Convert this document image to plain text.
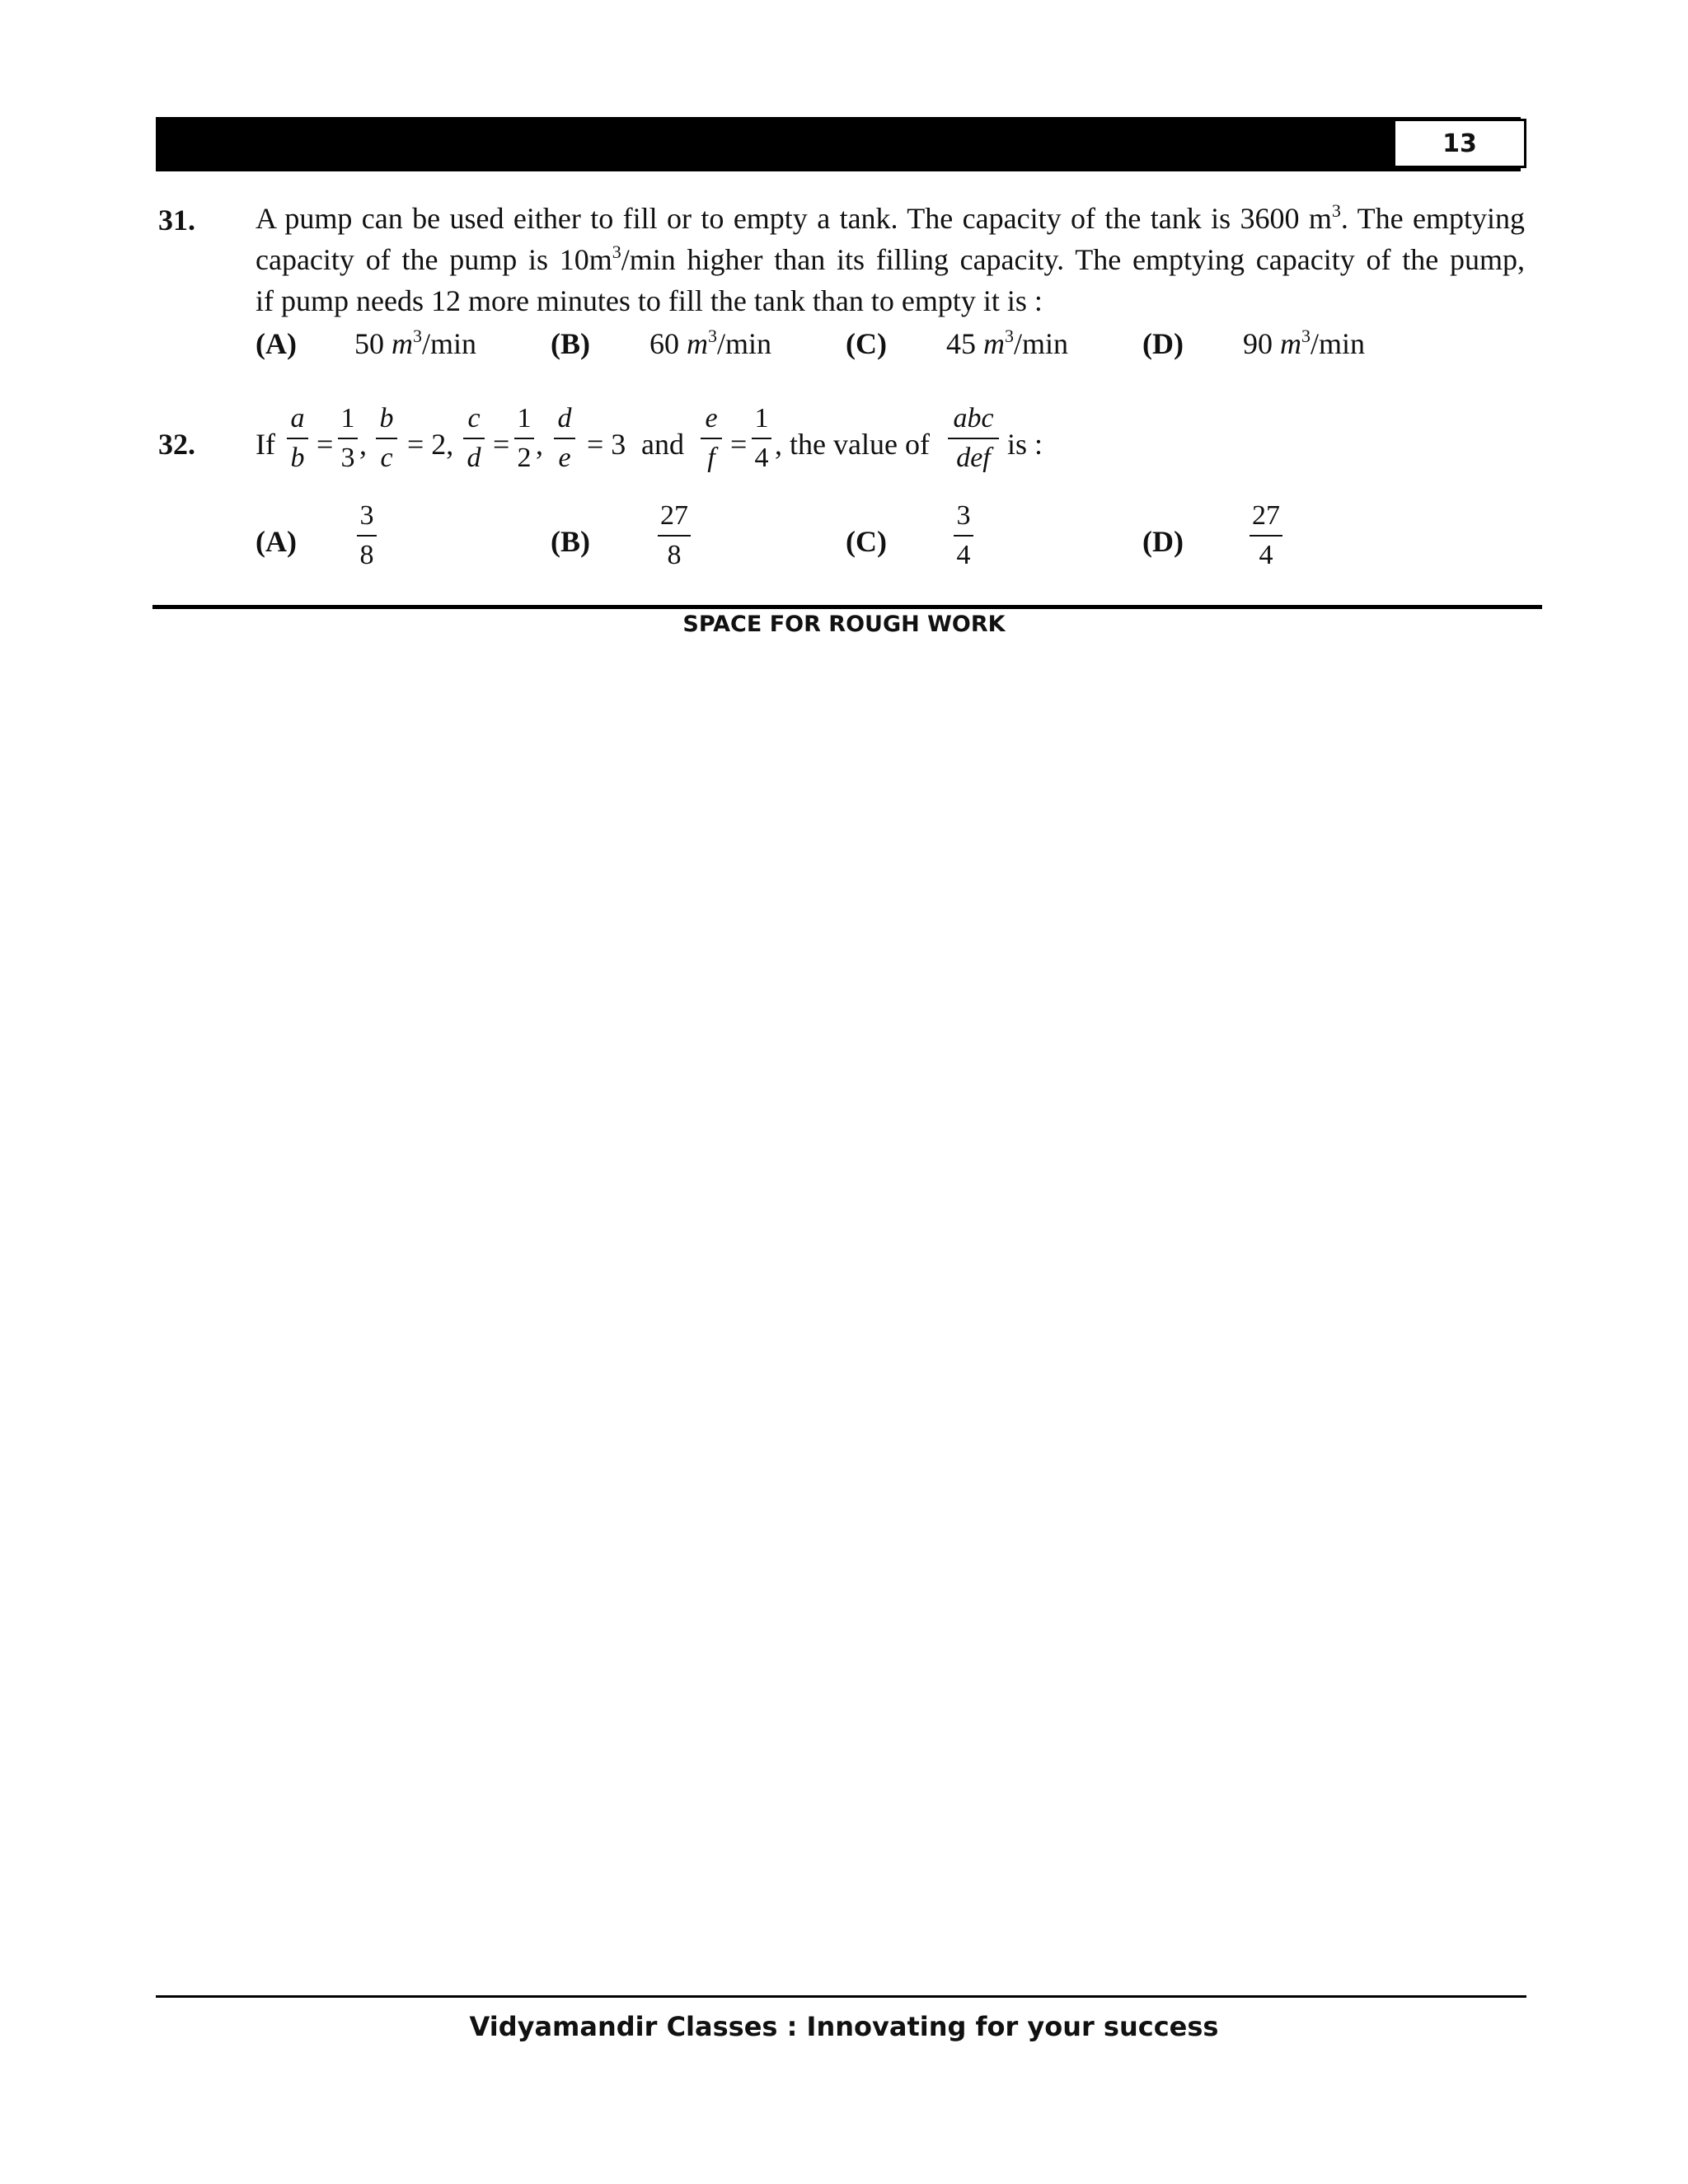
13
31. A pump can be used either to fill or to empty a tank. The capacity of the tank is 3600 $m^3$. The emptying
capacity of the pump is $10m^3/\min$ higher than its filling capacity. The emptying capacity of the pump,
if pump needs 12 more minutes to fill the tank than to empty it is :
(A) 50 $m^3/\min$ (B) 60 $m^3/\min$ (C) 45 $m^3/\min$ (D) 90 $m^3/\min$
32. If
a
b =
1
3 ,
b
c = 2,
c
d =
1
2 ,
d
e = 3 and
e
f =
1
4 , the value of
abc
def is :
(A)
3
8	(B)
27
8	(C)
3
4	(D)
27
4
SPACE FOR ROUGH WORK
Vidyamandir Classes : Innovating for your success
